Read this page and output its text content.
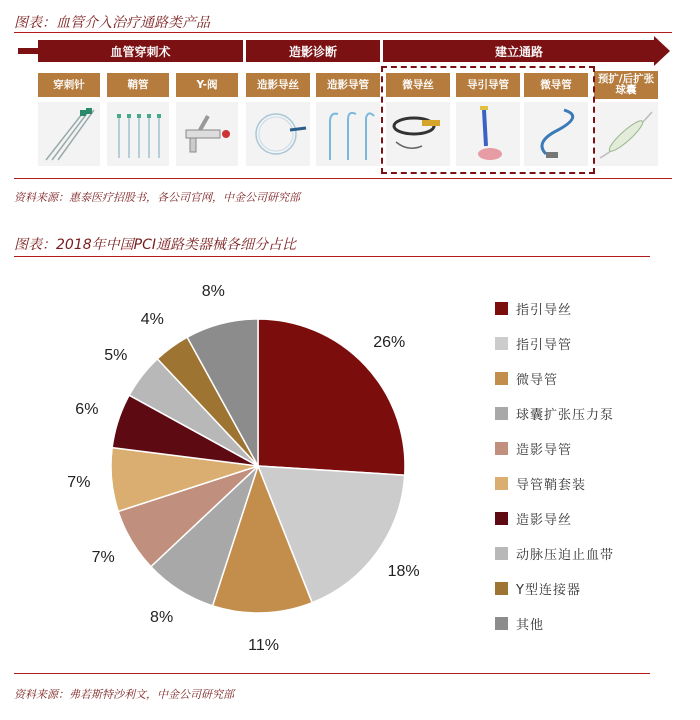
图表：血管介入治疗通路类产品
血管穿刺术	造影诊断	建立通路
穿刺针	鞘管	Y-阀	造影导丝	造影导管	微导丝	导引导管	微导管	预扩/后扩张球囊
资料来源：惠泰医疗招股书，各公司官网，中金公司研究部
图表：2018年中国PCI通路类器械各细分占比
指引导丝
指引导管
微导管
球囊扩张压力泵
造影导管
导管鞘套装
造影导丝
动脉压迫止血带
Y型连接器
其他
资料来源：弗若斯特沙利文，中金公司研究部
26%
18%
11%
8%
7%
7%
6%
5%
4%
8%
